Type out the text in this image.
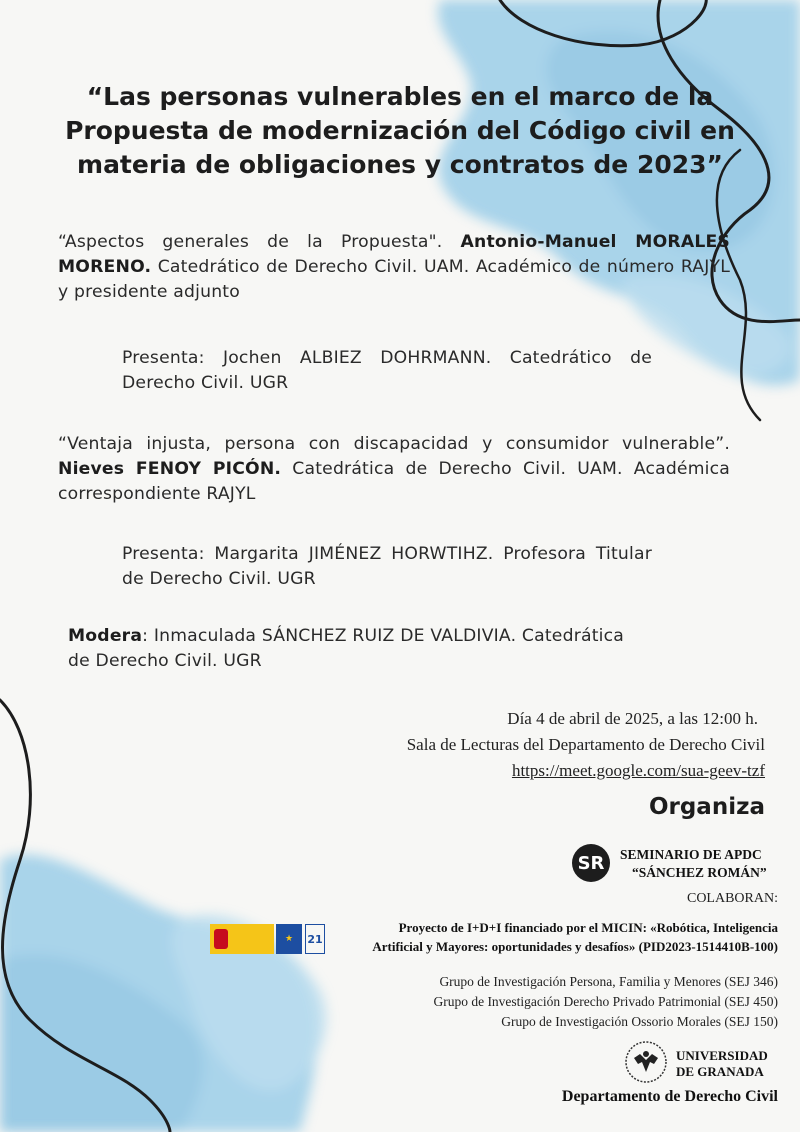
“Las personas vulnerables en el marco de la Propuesta de modernización del Código civil en materia de obligaciones y contratos de 2023”
“Aspectos generales de la Propuesta". Antonio-Manuel MORALES MORENO. Catedrático de Derecho Civil. UAM. Académico de número RAJYL y presidente adjunto
Presenta: Jochen ALBIEZ DOHRMANN. Catedrático de Derecho Civil. UGR
“Ventaja injusta, persona con discapacidad y consumidor vulnerable”. Nieves FENOY PICÓN. Catedrática de Derecho Civil. UAM. Académica correspondiente RAJYL
Presenta: Margarita JIMÉNEZ HORWTIHZ. Profesora Titular de Derecho Civil. UGR
Modera: Inmaculada SÁNCHEZ RUIZ DE VALDIVIA. Catedrática de Derecho Civil. UGR
Día 4 de abril de 2025, a las 12:00 h.
Sala de Lecturas del Departamento de Derecho Civil
https://meet.google.com/sua-geev-tzf
Organiza
SR SEMINARIO DE APDC
“SÁNCHEZ ROMÁN”
COLABORAN:
★	21
Proyecto de I+D+I financiado por el MICIN: «Robótica, Inteligencia
Artificial y Mayores: oportunidades y desafíos» (PID2023-1514410B-100)
Grupo de Investigación Persona, Familia y Menores (SEJ 346)
Grupo de Investigación Derecho Privado Patrimonial (SEJ 450)
Grupo de Investigación Ossorio Morales (SEJ 150)
UNIVERSIDAD
DE GRANADA
Departamento de Derecho Civil
